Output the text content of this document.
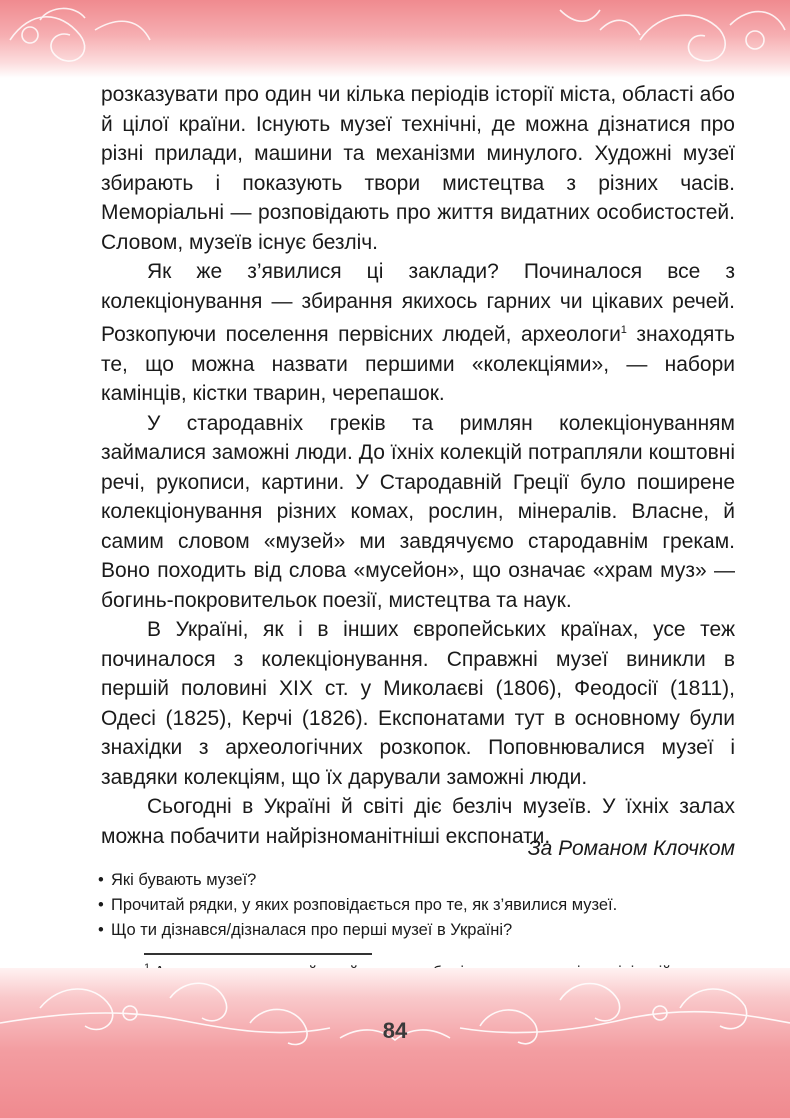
розказувати про один чи кілька періодів історії міста, області або й цілої країни. Існують музеї технічні, де можна дізнатися про різні прилади, машини та механізми минулого. Художні музеї збирають і показують твори мистецтва з різних часів. Меморіальні — розповідають про життя видатних особистостей. Словом, музеїв існує безліч.

Як же з’явилися ці заклади? Починалося все з колекціонування — збирання якихось гарних чи цікавих речей. Розкопуючи поселення первісних людей, археологи$^1$ знаходять те, що можна назвати першими «колекціями», — набори камінців, кістки тварин, черепашок.

У стародавніх греків та римлян колекціонуванням займалися заможні люди. До їхніх колекцій потрапляли коштовні речі, рукописи, картини. У Стародавній Греції було поширене колекціонування різних комах, рослин, мінералів. Власне, й самим словом «музей» ми завдячуємо стародавнім грекам. Воно походить від слова «мусейон», що означає «храм муз» — богинь-покровительок поезії, мистецтва та наук.

В Україні, як і в інших європейських країнах, усе теж починалося з колекціонування. Справжні музеї виникли в першій половині XIX ст. у Миколаєві (1806), Феодосії (1811), Одесі (1825), Керчі (1826). Експонатами тут в основному були знахідки з археологічних розкопок. Поповнювалися музеї і завдяки колекціям, що їх дарували заможні люди.

Сьогодні в Україні й світі діє безліч музеїв. У їхніх залах можна побачити найрізноманітніші експонати.

За Романом Клочком
• Які бувають музеї?
• Прочитай рядки, у яких розповідається про те, як з’явилися музеї.
• Що ти дізнався/дізналася про перші музеї в Україні?
84
